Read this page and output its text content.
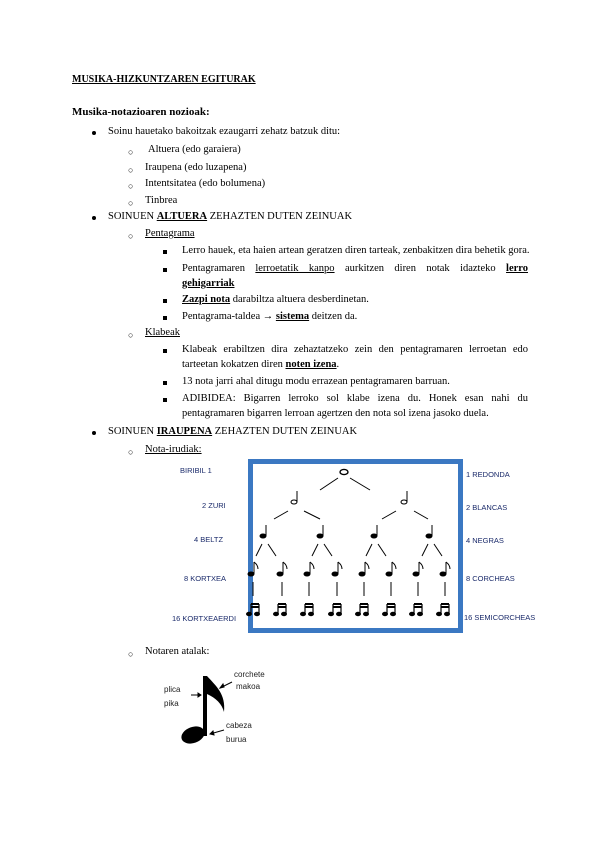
MUSIKA-HIZKUNTZAREN EGITURAK
Musika-notazioaren nozioak:
Soinu hauetako bakoitzak ezaugarri zehatz batzuk ditu:
○ Altuera (edo garaiera)
○ Iraupena (edo luzapena)
○ Intentsitatea (edo bolumena)
○ Tinbrea
SOINUEN ALTUERA ZEHAZTEN DUTEN ZEINUAK
○ Pentagrama
Lerro hauek, eta haien artean geratzen diren tarteak, zenbakitzen dira behetik gora.
Pentagramaren lerroetatik kanpo aurkitzen diren notak idazteko lerro
gehigarriak
Zazpi nota darabiltza altuera desberdinetan.
Pentagrama-taldea → sistema deitzen da.
○ Klabeak
Klabeak erabiltzen dira zehaztatzeko zein den pentagramaren lerroetan edo
tarteetan kokatzen diren noten izena.
13 nota jarri ahal ditugu modu errazean pentagramaren barruan.
ADIBIDEA: Bigarren lerroko sol klabe izena du. Honek esan nahi du
pentagramaren bigarren lerroan agertzen den nota sol izena jasoko duela.
SOINUEN IRAUPENA ZEHAZTEN DUTEN ZEINUAK
○ Nota-irudiak:
BIRIBIL 1
2 ZURI
4 BELTZ
8 KORTXEA
16 KORTXEAERDI
1 REDONDA
2 BLANCAS
4 NEGRAS
8 CORCHEAS
16 SEMICORCHEAS
○ Notaren atalak:
plica
pika
corchete
makoa
cabeza
burua
